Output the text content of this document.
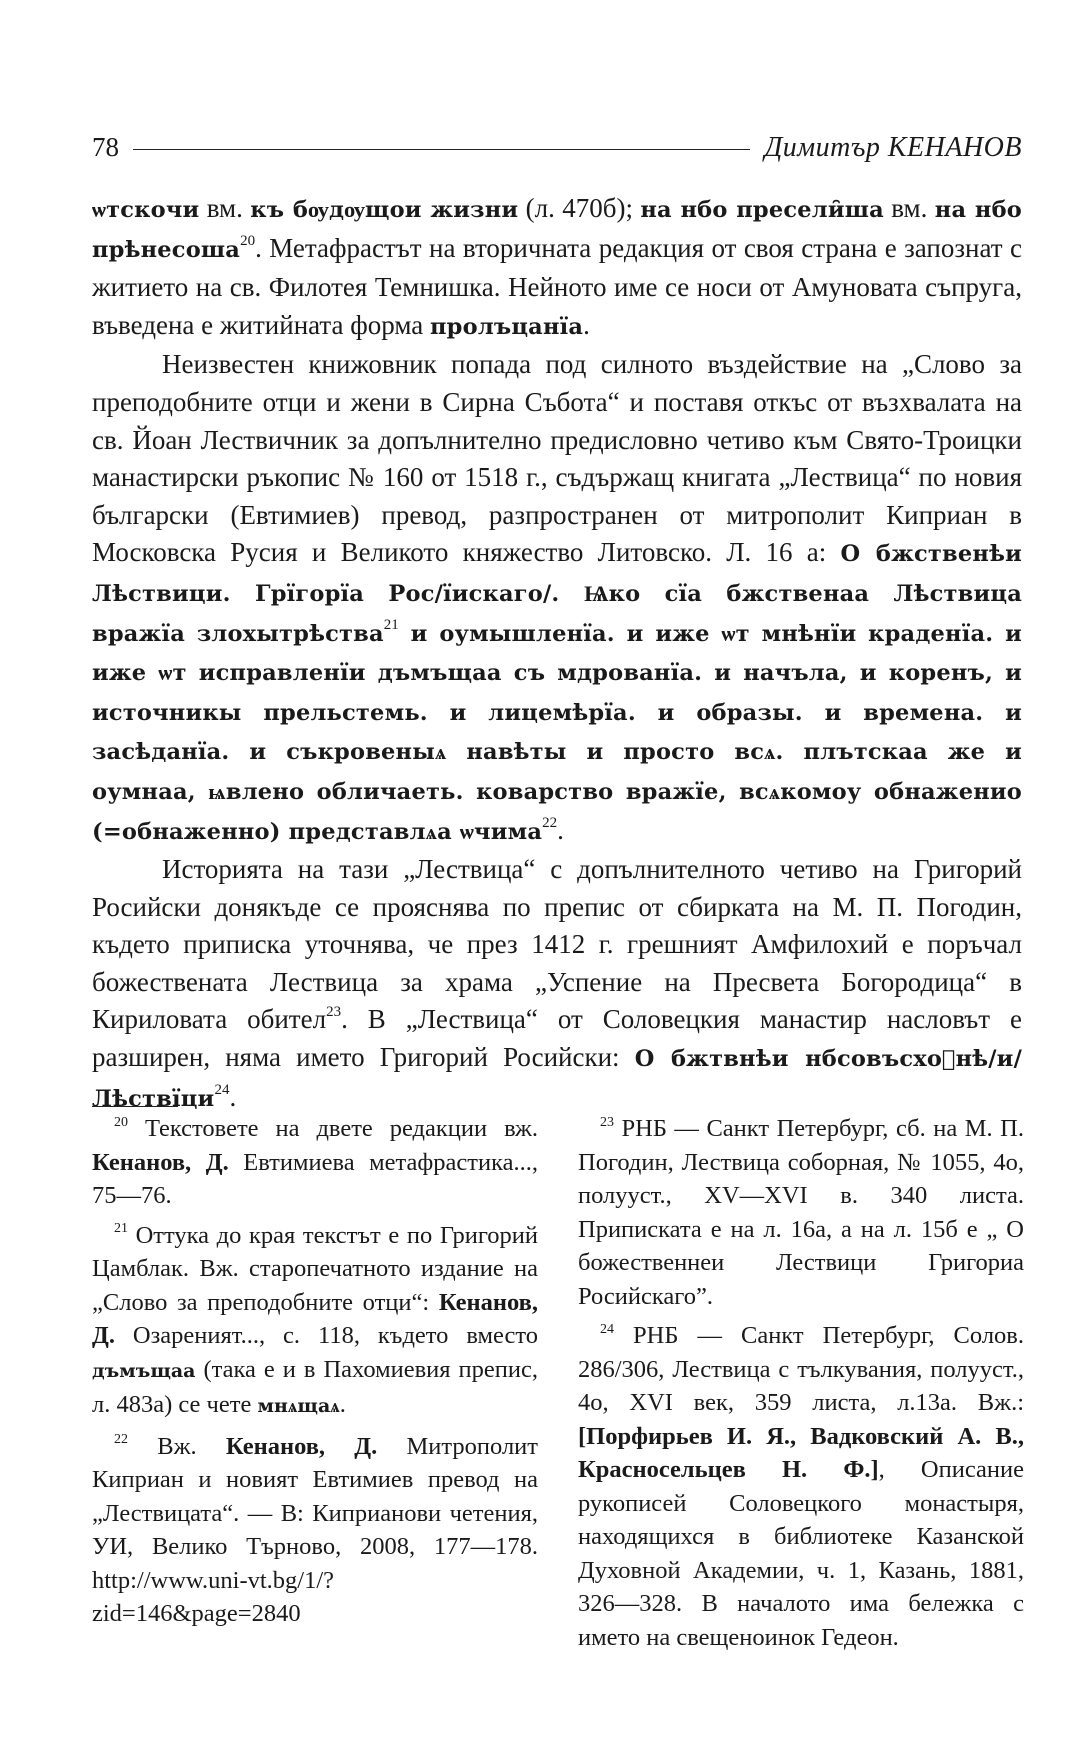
78	Димитър КЕНАНОВ

ѡтскочи вм. къ бѹдѹщои жизни (л. 470б); на нбо пресели̑ша вм. на нбо прѣнесоша$^{20}$. Метафрастът на вторичната редакция от своя страна е запознат с житието на св. Филотея Темнишка. Нейното име се носи от Амуновата съпруга, въведена е житийната форма пролъцанїа.

Неизвестен книжовник попада под силното въздействие на „Слово за преподобните отци и жени в Сирна Събота“ и поставя откъс от възхвалата на св. Йоан Лествичник за допълнително предисловно четиво към Свято-Троицки манастирски ръкопис № 160 от 1518 г., съдържащ книгата „Лествица“ по новия български (Евтимиев) превод, разпространен от митрополит Киприан в Московска Русия и Великото княжество Литовско. Л. 16 а: О бжственѣи Лѣствици. Грїгорїа Рос/їискаго/. Ѩко сїа бжственаа Лѣствица вражїа злохытрѣства$^{21}$ и оумышленїа. и иже ѡт мнѣнїи краденїа. и иже ѡт исправленїи дъмъщаа съ мдрованїа. и начъла, и коренъ, и источникы прельстемь. и лицемѣрїа. и образы. и времена. и засѣданїа. и съкровеныѧ навѣты и просто всѧ. плътскаа же и оумнаа, ѩвлено обличаеть. коварство вражїе, всѧкомоу обнаженио (=обнаженно) представлѧа ѡчима$^{22}$.

Историята на тази „Лествица“ с допълнителното четиво на Григорий Росийски донякъде се прояснява по препис от сбирката на М. П. Погодин, където приписка уточнява, че през 1412 г. грешният Амфилохий е поръчал божествената Лествица за храма „Успение на Пресвета Богородица“ в Кириловата обител$^{23}$. В „Лествица“ от Соловецкия манастир насловът е разширен, няма името Григорий Росийски: О бжтвнѣи нбсовъсхоⷣнѣ/и/ Лѣствїци$^{24}$.

$^{20}$ Текстовете на двете редакции вж. Кенанов, Д. Евтимиева метафрастика..., 75—76.

$^{21}$ Оттука до края текстът е по Григорий Цамблак. Вж. старопечатното издание на „Слово за преподобните отци“: Кенанов, Д. Озареният..., с. 118, където вместо дъмъщаа (така е и в Пахомиевия препис, л. 483а) се чете мнѧщаѧ.

$^{22}$ Вж. Кенанов, Д. Митрополит Киприан и новият Евтимиев превод на „Лествицата“. — В: Киприанови четения, УИ, Велико Търново, 2008, 177—178. http://www.uni-vt.bg/1/?zid=146&page=2840

$^{23}$ РНБ — Санкт Петербург, сб. на М. П. Погодин, Лествица соборная, № 1055, 4о, полууст., XV—XVI в. 340 листа. Приписката е на л. 16а, а на л. 15б е „ О божественнеи Лествици Григориа Росийскаго”.

$^{24}$ РНБ — Санкт Петербург, Солов. 286/306, Лествица с тълкувания, полууст., 4о, XVI век, 359 листа, л.13а. Вж.: [Порфирьев И. Я., Вадковский А. В., Красносельцев Н. Ф.], Описание рукописей Соловецкого монастыря, находящихся в библиотеке Казанской Духовной Академии, ч. 1, Казань, 1881, 326—328. В началото има бележка с името на свещеноинок Гедеон.
